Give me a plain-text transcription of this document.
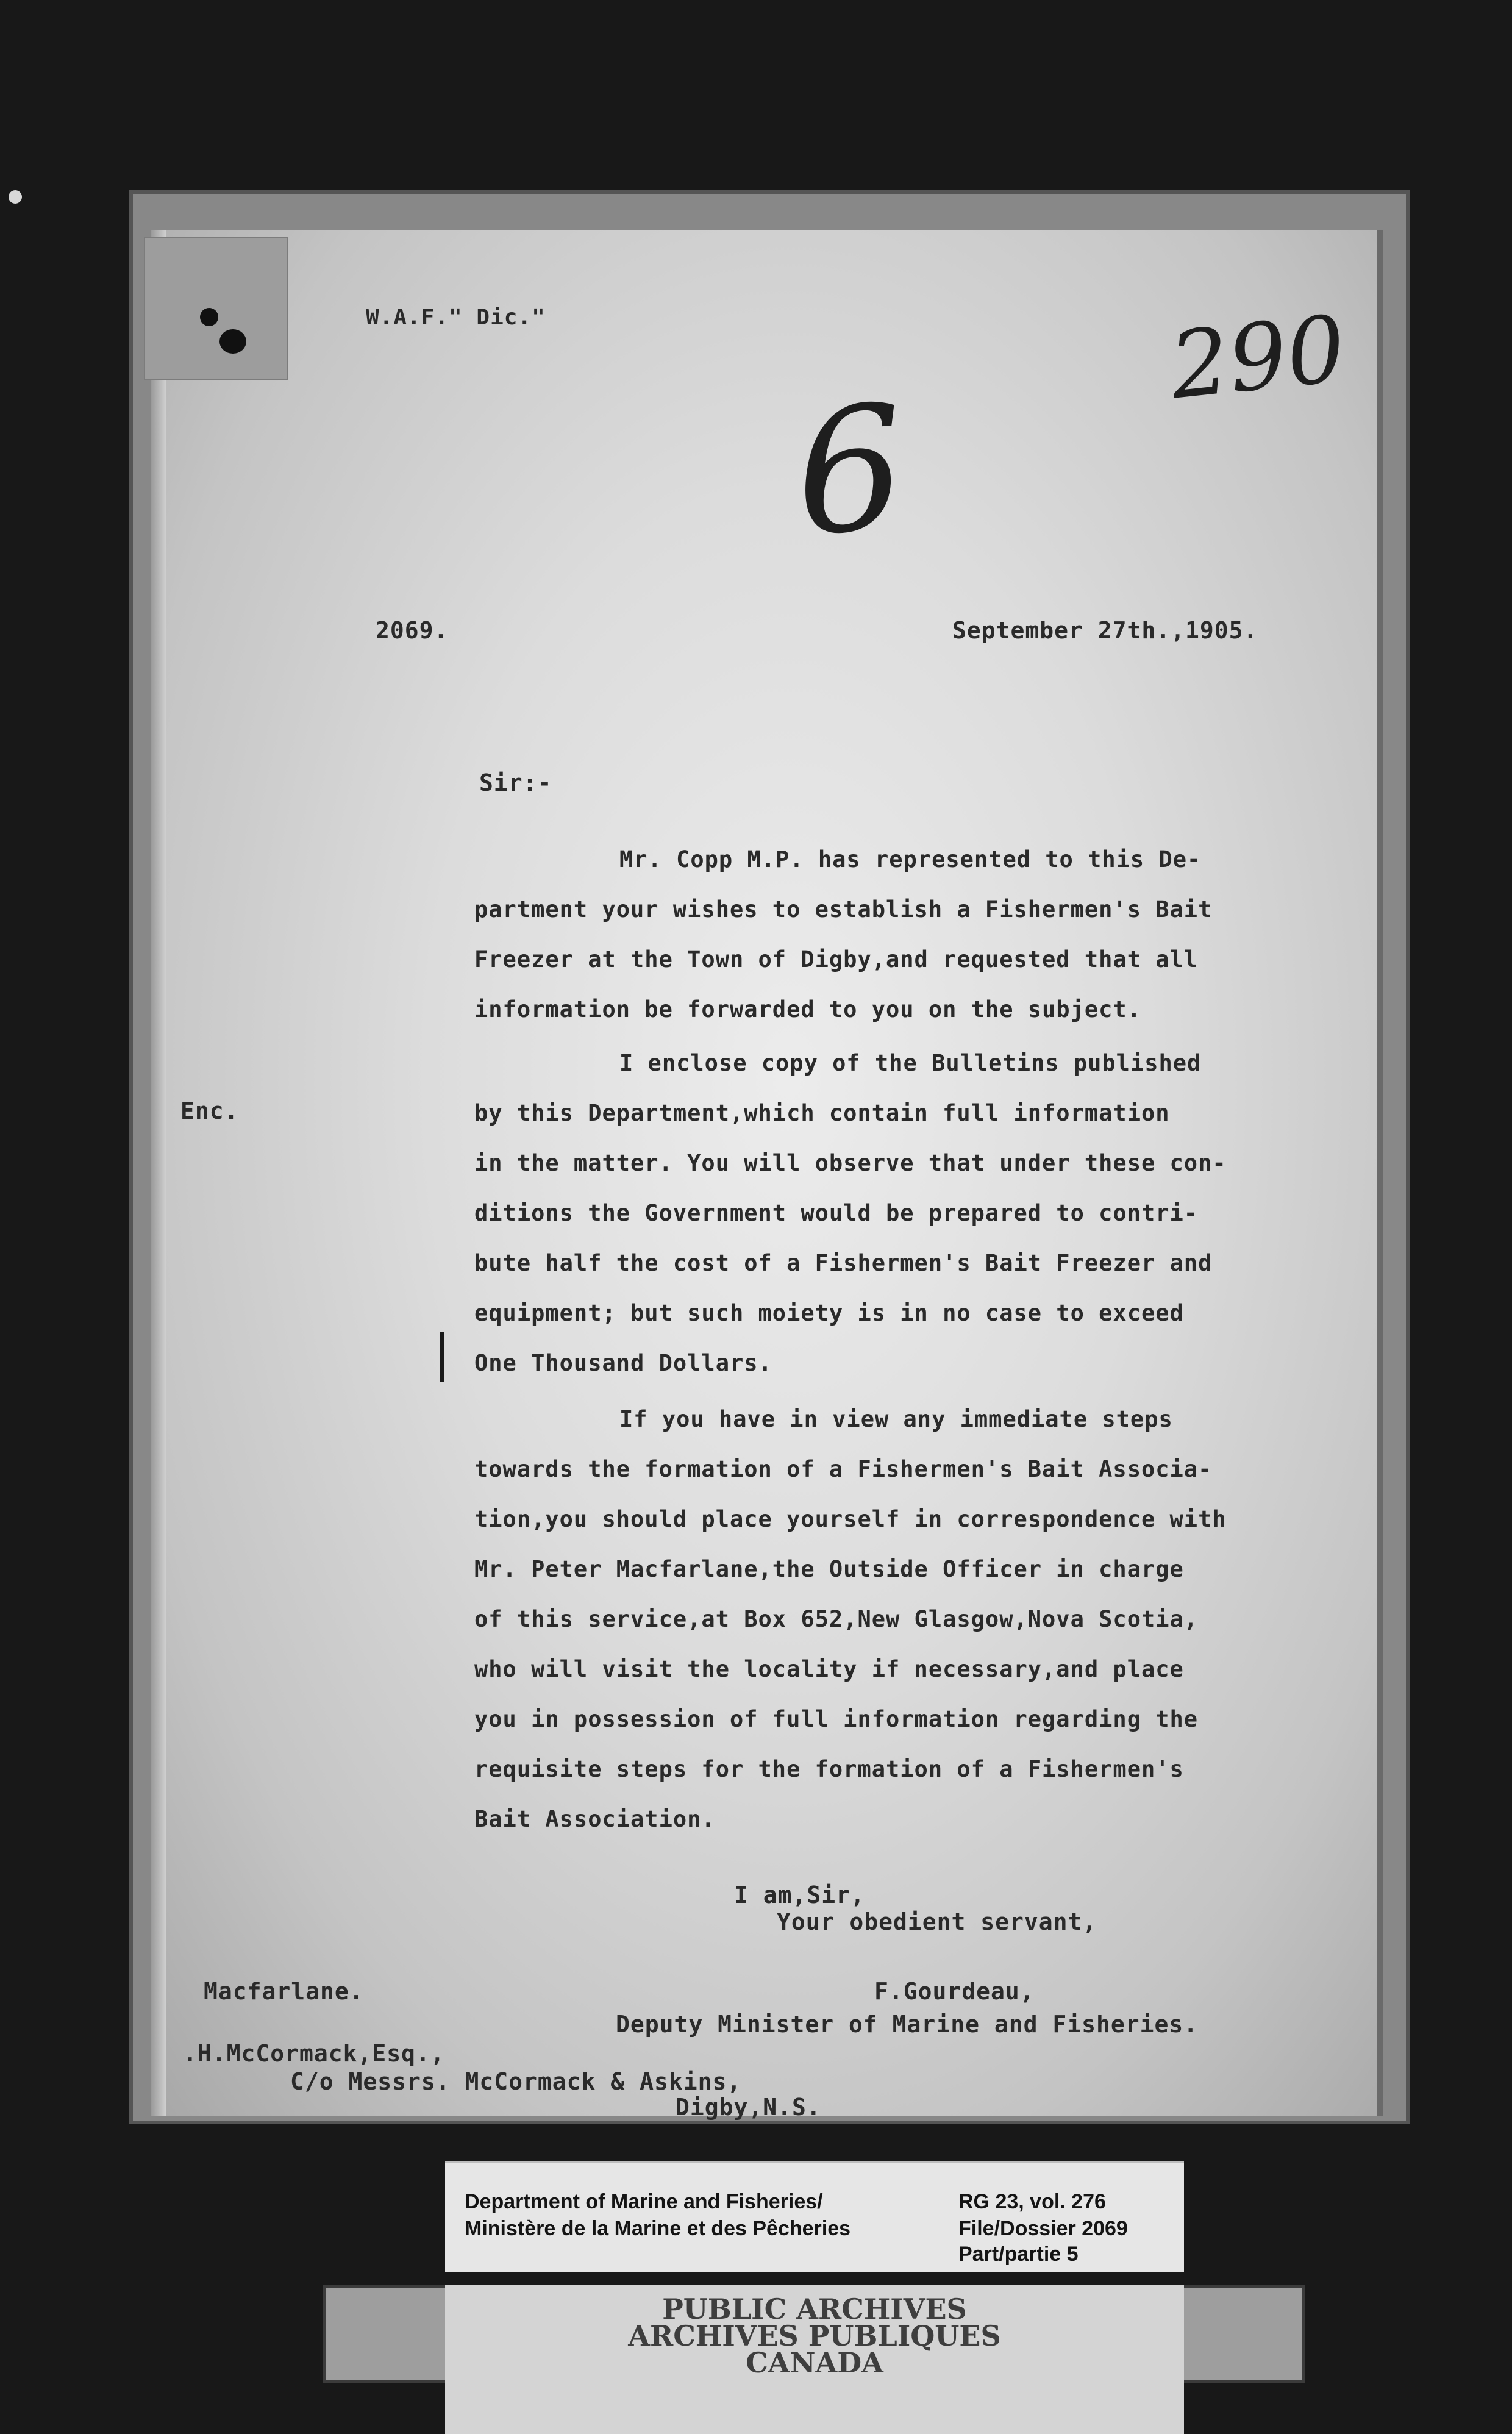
W.A.F." Dic."	290
6
2069.	September 27th.,1905.
Sir:-
Enc.
Mr. Copp M.P. has represented to this De-
partment your wishes to establish a Fishermen's Bait
Freezer at the Town of Digby,and requested that all
information be forwarded to you on the subject.
I enclose copy of the Bulletins published
by this Department,which contain full information
in the matter. You will observe that under these con-
ditions the Government would be prepared to contri-
bute half the cost of a Fishermen's Bait Freezer and
equipment; but such moiety is in no case to exceed
One Thousand Dollars.
If you have in view any immediate steps
towards the formation of a Fishermen's Bait Associa-
tion,you should place yourself in correspondence with
Mr. Peter Macfarlane,the Outside Officer in charge
of this service,at Box 652,New Glasgow,Nova Scotia,
who will visit the locality if necessary,and place
you in possession of full information regarding the
requisite steps for the formation of a Fishermen's
Bait Association.
I am,Sir,
Your obedient servant,
Macfarlane.	F.Gourdeau,
Deputy Minister of Marine and Fisheries.
.H.McCormack,Esq.,
C/o Messrs. McCormack & Askins,
Digby,N.S.
Department of Marine and Fisheries/
Ministère de la Marine et des Pêcheries
RG 23, vol. 276
File/Dossier 2069
Part/partie 5
PUBLIC ARCHIVES
ARCHIVES PUBLIQUES
CANADA
